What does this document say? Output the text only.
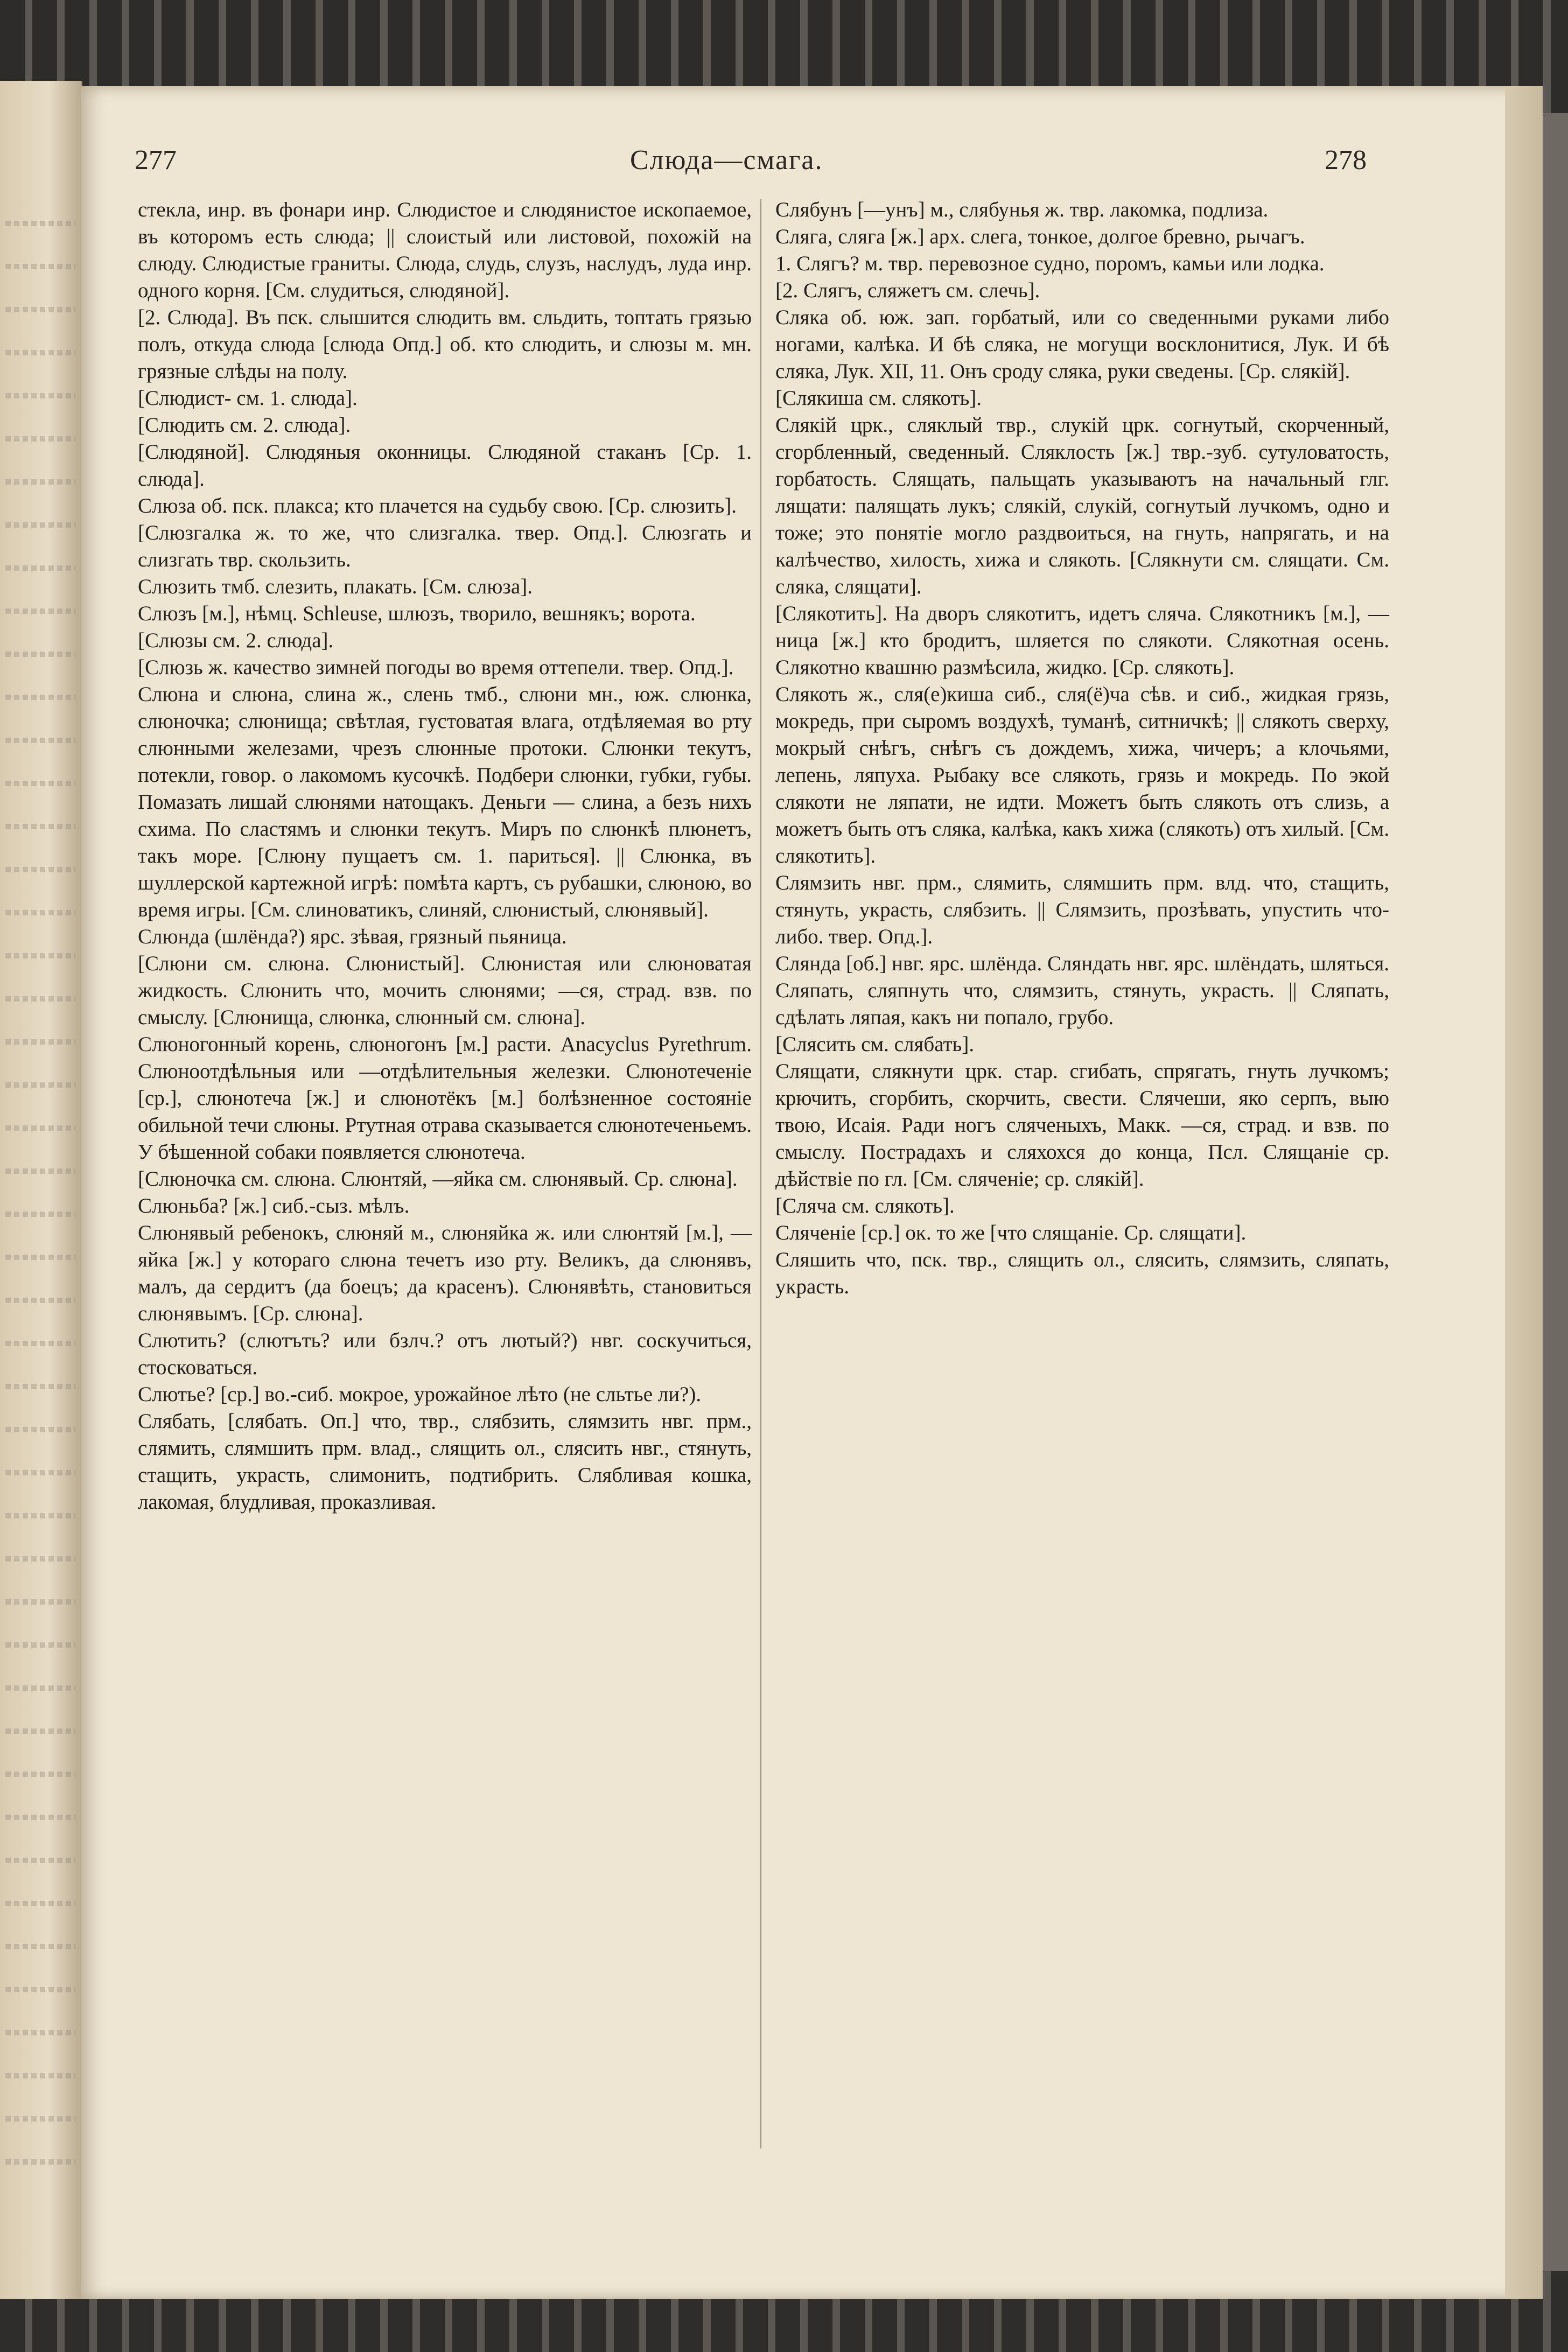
277	Слюда—смага.	278

стекла, инр. въ фонари инр. Слюдистое и слюдянистое ископаемое, въ которомъ есть слюда; || слоистый или листовой, похожій на слюду. Слюдистые граниты. Слюда, слудь, слузъ, наслудъ, луда инр. одного корня. [См. слудиться, слюдяной].

[2. Слюда]. Въ пск. слышится слюдить вм. сльдить, топтать грязью полъ, откуда слюда [слюда Опд.] об. кто слюдить, и слюзы м. мн. грязные слѣды на полу.

[Слюдист- см. 1. слюда].

[Слюдить см. 2. слюда].

[Слюдяной]. Слюдяныя оконницы. Слюдяной стаканъ [Ср. 1. слюда].

Слюза об. пск. плакса; кто плачется на судьбу свою. [Ср. слюзить].

[Слюзгалка ж. то же, что слизгалка. твер. Опд.]. Слюзгать и слизгать твр. скользить.

Слюзить тмб. слезить, плакать. [См. слюза].

Слюзъ [м.], нѣмц. Schleuse, шлюзъ, творило, вешнякъ; ворота.

[Слюзы см. 2. слюда].

[Слюзь ж. качество зимней погоды во время оттепели. твер. Опд.].

Слюна и слюна, слина ж., слень тмб., слюни мн., юж. слюнка, слюночка; слюнища; свѣтлая, густоватая влага, отдѣляемая во рту слюнными железами, чрезъ слюнные протоки. Слюнки текутъ, потекли, говор. о лакомомъ кусочкѣ. Подбери слюнки, губки, губы. Помазать лишай слюнями натощакъ. Деньги — слина, а безъ нихъ схима. По сластямъ и слюнки текутъ. Миръ по слюнкѣ плюнетъ, такъ море. [Слюну пущаетъ см. 1. париться]. || Слюнка, въ шуллерской картежной игрѣ: помѣта картъ, съ рубашки, слюною, во время игры. [См. слиноватикъ, слиняй, слюнистый, слюнявый].

Слюнда (шлёнда?) ярс. зѣвая, грязный пьяница.

[Слюни см. слюна. Слюнистый]. Слюнистая или слюноватая жидкость. Слюнить что, мочить слюнями; —ся, страд. взв. по смыслу. [Слюнища, слюнка, слюнный см. слюна].

Слюногонный корень, слюногонъ [м.] расти. Anacyclus Pyrethrum. Слюноотдѣльныя или —отдѣлительныя железки. Слюнотеченіе [ср.], слюнотеча [ж.] и слюнотёкъ [м.] болѣзненное состояніе обильной течи слюны. Ртутная отрава сказывается слюнотеченьемъ. У бѣшенной собаки появляется слюнотеча.

[Слюночка см. слюна. Слюнтяй, —яйка см. слюнявый. Ср. слюна].

Слюньба? [ж.] сиб.-сыз. мѣлъ.

Слюнявый ребенокъ, слюняй м., слюняйка ж. или слюнтяй [м.], —яйка [ж.] у котораго слюна течетъ изо рту. Великъ, да слюнявъ, малъ, да сердитъ (да боецъ; да красенъ). Слюнявѣть, становиться слюнявымъ. [Ср. слюна].

Слютить? (слютъть? или бзлч.? отъ лютый?) нвг. соскучиться, стосковаться.

Слютье? [ср.] во.-сиб. мокрое, урожайное лѣто (не сльтье ли?).

Слябать, [слябать. Оп.] что, твр., слябзить, слямзить нвг. прм., слямить, слямшить прм. влад., слящить ол., слясить нвг., стянуть, стащить, украсть, слимонить, подтибрить. Слябливая кошка, лакомая, блудливая, проказливая.

Слябунъ [—унъ] м., слябунья ж. твр. лакомка, подлиза.

Сляга, сляга [ж.] арх. слега, тонкое, долгое бревно, рычагъ.

1. Слягъ? м. твр. перевозное судно, поромъ, камьи или лодка.

[2. Слягъ, сляжетъ см. слечь].

Сляка об. юж. зап. горбатый, или со сведенными руками либо ногами, калѣка. И бѣ сляка, не могущи восклонитися, Лук. И бѣ сляка, Лук. XII, 11. Онъ сроду сляка, руки сведены. [Ср. слякій].

[Слякиша см. слякоть].

Слякій црк., сляклый твр., слукій црк. согнутый, скорченный, сгорбленный, сведенный. Сляклость [ж.] твр.-зуб. сутуловатость, горбатость. Слящать, пальщать указываютъ на начальный глг. лящати: палящать лукъ; слякій, слукій, согнутый лучкомъ, одно и тоже; это понятіе могло раздвоиться, на гнуть, напрягать, и на калѣчество, хилость, хижа и слякоть. [Слякнути см. слящати. См. сляка, слящати].

[Слякотить]. На дворъ слякотитъ, идетъ сляча. Слякотникъ [м.], —ница [ж.] кто бродитъ, шляется по слякоти. Слякотная осень. Слякотно квашню размѣсила, жидко. [Ср. слякоть].

Слякоть ж., сля(е)киша сиб., сля(ё)ча сѣв. и сиб., жидкая грязь, мокредь, при сыромъ воздухѣ, туманѣ, ситничкѣ; || слякоть сверху, мокрый снѣгъ, снѣгъ съ дождемъ, хижа, чичеръ; а клочьями, лепень, ляпуха. Рыбаку все слякоть, грязь и мокредь. По экой слякоти не ляпати, не идти. Можетъ быть слякоть отъ слизь, а можетъ быть отъ сляка, калѣка, какъ хижа (слякоть) отъ хилый. [См. слякотить].

Слямзить нвг. прм., слямить, слямшить прм. влд. что, стащить, стянуть, украсть, слябзить. || Слямзить, прозѣвать, упустить что-либо. твер. Опд.].

Слянда [об.] нвг. ярс. шлёнда. Сляндать нвг. ярс. шлёндать, шляться.

Сляпать, сляпнуть что, слямзить, стянуть, украсть. || Сляпать, сдѣлать ляпая, какъ ни попало, грубо.

[Слясить см. слябать].

Слящати, слякнути црк. стар. сгибать, спрягать, гнуть лучкомъ; крючить, сгорбить, скорчить, свести. Слячеши, яко серпъ, выю твою, Исаія. Ради ногъ сляченыхъ, Макк. —ся, страд. и взв. по смыслу. Пострадахъ и сляхохся до конца, Псл. Слящаніе ср. дѣйствіе по гл. [См. сляченіе; ср. слякій].

[Сляча см. слякоть].

Сляченіе [ср.] ок. то же [что слящаніе. Ср. слящати].

Сляшить что, пск. твр., слящить ол., слясить, слямзить, сляпать, украсть.
